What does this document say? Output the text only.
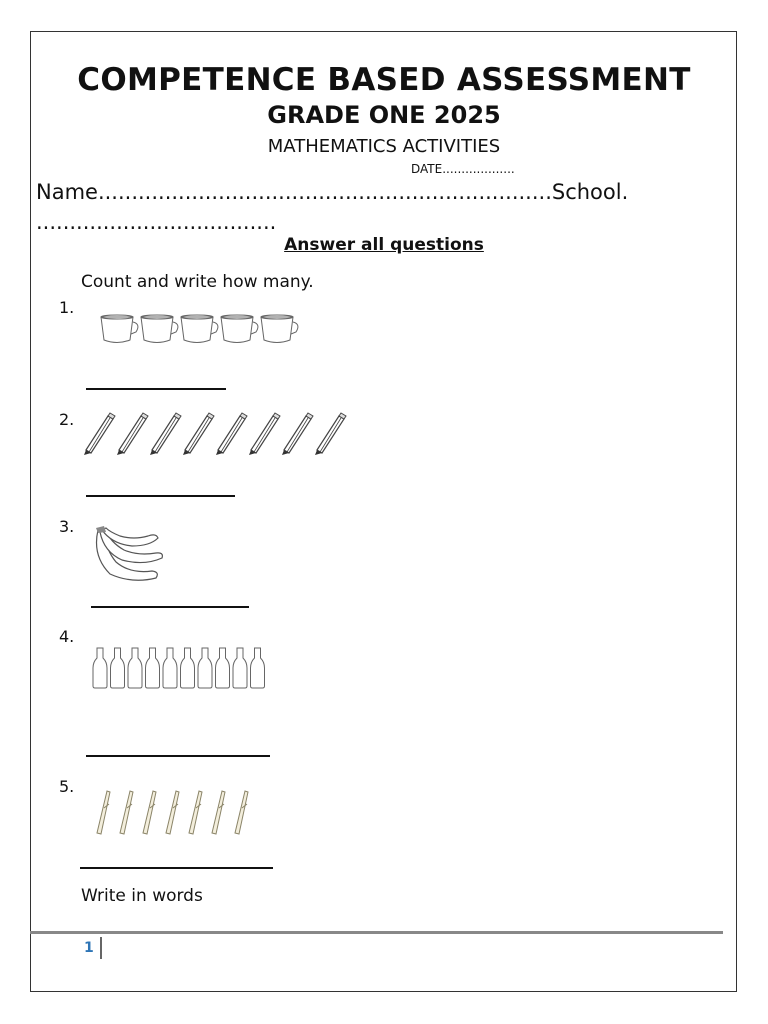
COMPETENCE BASED ASSESSMENT
GRADE ONE 2025
MATHEMATICS ACTIVITIES
DATE...................
Name....................................................................School.
....................................
Answer all questions
Count and write how many.
1.
2.
3.
4.
5.
Write in words
1
